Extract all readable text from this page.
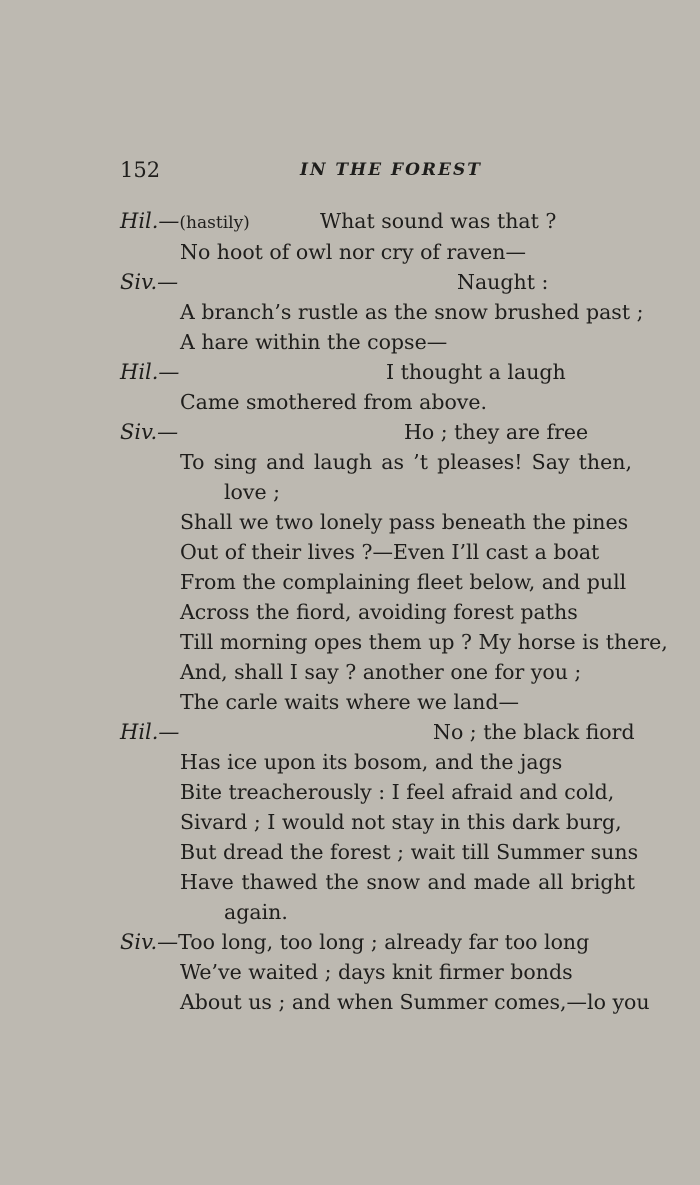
152	IN THE FOREST
Hil.—(hastily)	What sound was that ?
No hoot of owl nor cry of raven—
Siv.—	Naught :
A branch’s rustle as the snow brushed past ;
A hare within the copse—
Hil.—	I thought a laugh
Came smothered from above.
Siv.—	Ho ; they are free
To sing and laugh as ’t pleases! Say then,
love ;
Shall we two lonely pass beneath the pines
Out of their lives ?—Even I’ll cast a boat
From the complaining fleet below, and pull
Across the fiord, avoiding forest paths
Till morning opes them up ? My horse is there,
And, shall I say ? another one for you ;
The carle waits where we land—
Hil.—	No ; the black fiord
Has ice upon its bosom, and the jags
Bite treacherously : I feel afraid and cold,
Sivard ; I would not stay in this dark burg,
But dread the forest ; wait till Summer suns
Have thawed the snow and made all bright
again.
Siv.—Too long, too long ; already far too long
We’ve waited ; days knit firmer bonds
About us ; and when Summer comes,—lo you
